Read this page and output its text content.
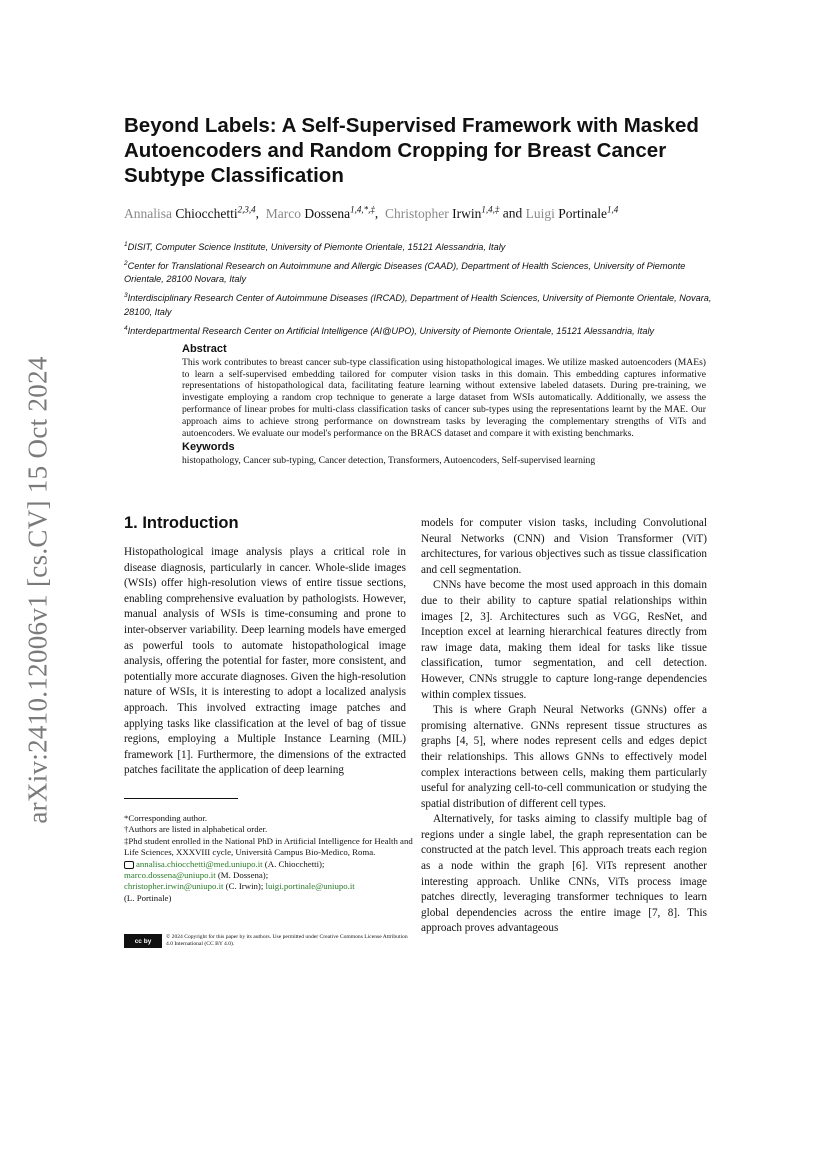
arXiv:2410.12006v1 [cs.CV] 15 Oct 2024
Beyond Labels: A Self-Supervised Framework with Masked Autoencoders and Random Cropping for Breast Cancer Subtype Classification
Annalisa Chiocchetti$^{2,3,4}$,  Marco Dossena$^{1,4,*,\ddagger}$,  Christopher Irwin$^{1,4,\ddagger}$ and Luigi Portinale$^{1,4}$

$^1$DISIT, Computer Science Institute, University of Piemonte Orientale, 15121 Alessandria, Italy

$^2$Center for Translational Research on Autoimmune and Allergic Diseases (CAAD), Department of Health Sciences, University of Piemonte Orientale, 28100 Novara, Italy

$^3$Interdisciplinary Research Center of Autoimmune Diseases (IRCAD), Department of Health Sciences, University of Piemonte Orientale, Novara, 28100, Italy

$^4$Interdepartmental Research Center on Artificial Intelligence (AI@UPO), University of Piemonte Orientale, 15121 Alessandria, Italy

Abstract

This work contributes to breast cancer sub-type classification using histopathological images. We utilize masked autoencoders (MAEs) to learn a self-supervised embedding tailored for computer vision tasks in this domain. This embedding captures informative representations of histopathological data, facilitating feature learning without extensive labeled datasets. During pre-training, we investigate employing a random crop technique to generate a large dataset from WSIs automatically. Additionally, we assess the performance of linear probes for multi-class classification tasks of cancer sub-types using the representations learnt by the MAE. Our approach aims to achieve strong performance on downstream tasks by leveraging the complementary strengths of ViTs and autoencoders. We evaluate our model's performance on the BRACS dataset and compare it with existing benchmarks.

Keywords

histopathology, Cancer sub-typing, Cancer detection, Transformers, Autoencoders, Self-supervised learning

1. Introduction

Histopathological image analysis plays a critical role in disease diagnosis, particularly in cancer. Whole-slide images (WSIs) offer high-resolution views of entire tissue sections, enabling comprehensive evaluation by pathologists. However, manual analysis of WSIs is time-consuming and prone to inter-observer variability. Deep learning models have emerged as powerful tools to automate histopathological image analysis, offering the potential for faster, more consistent, and potentially more accurate diagnoses. Given the high-resolution nature of WSIs, it is interesting to adopt a localized analysis approach. This involved extracting image patches and applying tasks like classification at the level of bag of tissue regions, employing a Multiple Instance Learning (MIL) framework [1]. Furthermore, the dimensions of the extracted patches facilitate the application of deep learning

models for computer vision tasks, including Convolutional Neural Networks (CNN) and Vision Transformer (ViT) architectures, for various objectives such as tissue classification and cell segmentation.

CNNs have become the most used approach in this domain due to their ability to capture spatial relationships within images [2, 3]. Architectures such as VGG, ResNet, and Inception excel at learning hierarchical features directly from raw image data, making them ideal for tasks like tissue classification, tumor segmentation, and cell detection. However, CNNs struggle to capture long-range dependencies within complex tissues.

This is where Graph Neural Networks (GNNs) offer a promising alternative. GNNs represent tissue structures as graphs [4, 5], where nodes represent cells and edges depict their relationships. This allows GNNs to effectively model complex interactions between cells, making them particularly useful for analyzing cell-to-cell communication or studying the spatial distribution of different cell types.

Alternatively, for tasks aiming to classify multiple bag of regions under a single label, the graph representation can be constructed at the patch level. This approach treats each region as a node within the graph [6]. ViTs represent another interesting approach. Unlike CNNs, ViTs process image patches directly, leveraging transformer techniques to learn global dependencies across the entire image [7, 8]. This approach proves advantageous

*Corresponding author.

†Authors are listed in alphabetical order.

‡Phd student enrolled in the National PhD in Artificial Intelligence for Health and Life Sciences, XXXVIII cycle, Università Campus Bio-Medico, Roma.

annalisa.chiocchetti@med.uniupo.it (A. Chiocchetti);
marco.dossena@uniupo.it (M. Dossena);
christopher.irwin@uniupo.it (C. Irwin); luigi.portinale@uniupo.it
(L. Portinale)

cc by
© 2024 Copyright for this paper by its authors. Use permitted under Creative Commons License Attribution 4.0 International (CC BY 4.0).
